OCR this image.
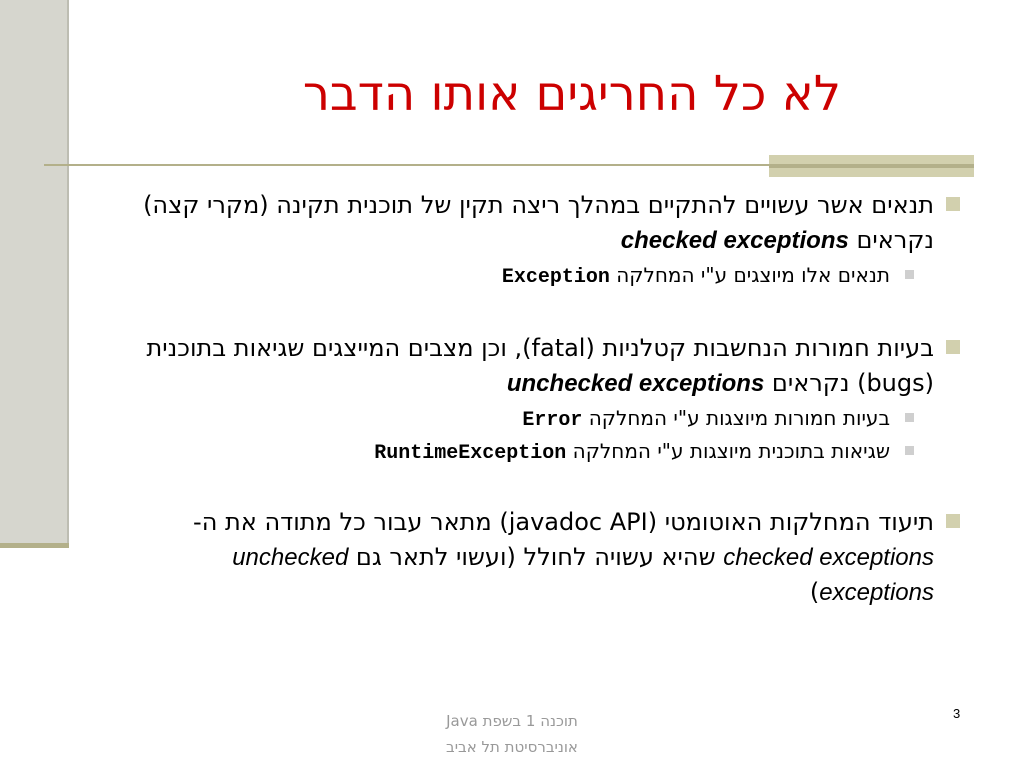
לא כל החריגים אותו הדבר
תנאים אשר עשויים להתקיים במהלך ריצה תקין של תוכנית תקינה (מקרי קצה) נקראים checked exceptions
תנאים אלו מיוצגים ע"י המחלקה Exception
בעיות חמורות הנחשבות קטלניות (fatal), וכן מצבים המייצגים שגיאות בתוכנית (bugs) נקראים unchecked exceptions
בעיות חמורות מיוצגות ע"י המחלקה Error
שגיאות בתוכנית מיוצגות ע"י המחלקה RuntimeException
תיעוד המחלקות האוטומטי (javadoc API) מתאר עבור כל מתודה את ה- checked exceptions שהיא עשויה לחולל (ועשוי לתאר גם unchecked exceptions)
תוכנה 1 בשפת Java
אוניברסיטת תל אביב
3
